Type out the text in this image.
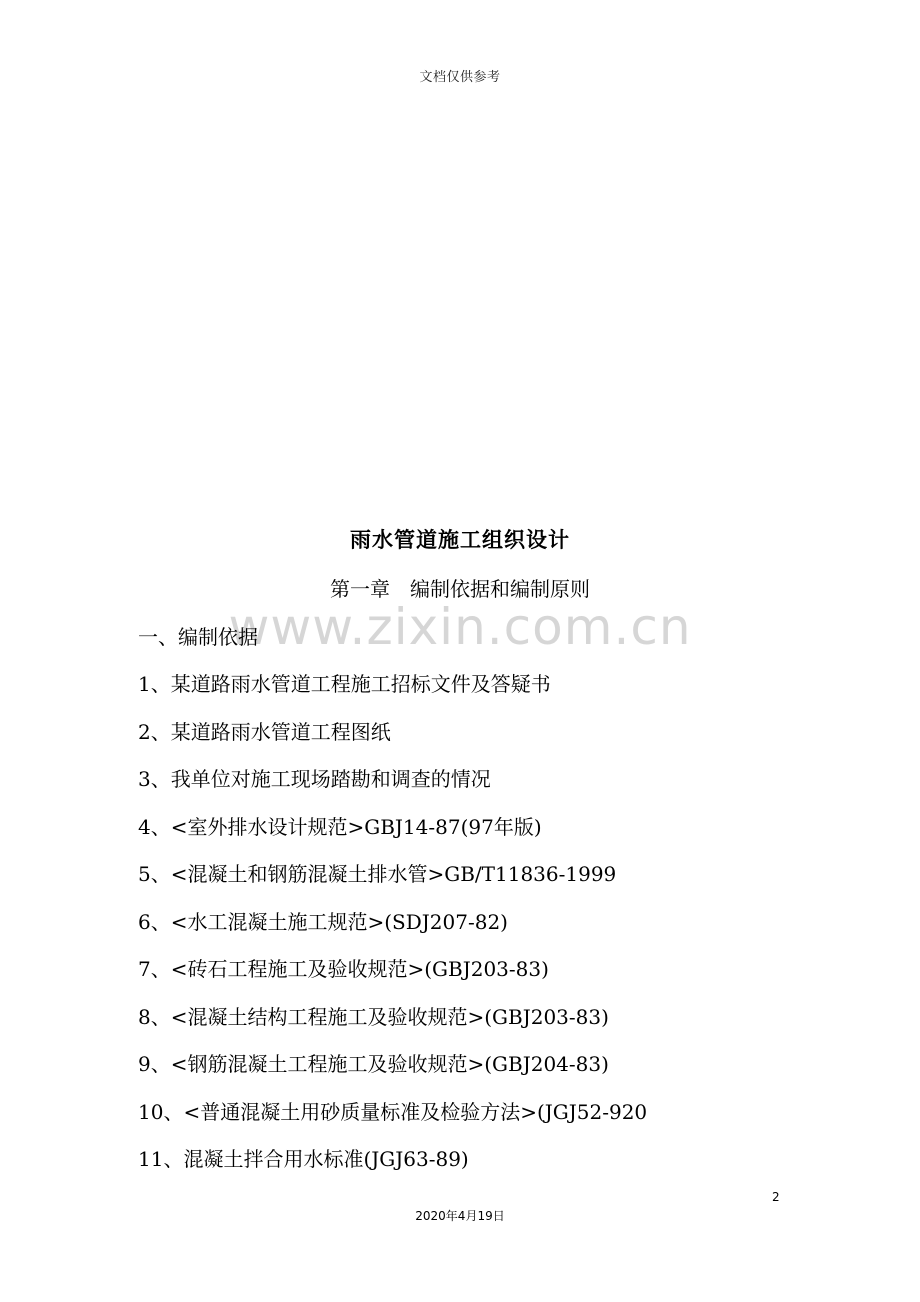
文档仅供参考
雨水管道施工组织设计
第一章　编制依据和编制原则
www.zixin.com.cn
一、编制依据
1、某道路雨水管道工程施工招标文件及答疑书
2、某道路雨水管道工程图纸
3、我单位对施工现场踏勘和调查的情况
4、<室外排水设计规范>GBJ14-87(97年版)
5、<混凝土和钢筋混凝土排水管>GB/T11836-1999
6、<水工混凝土施工规范>(SDJ207-82)
7、<砖石工程施工及验收规范>(GBJ203-83)
8、<混凝土结构工程施工及验收规范>(GBJ203-83)
9、<钢筋混凝土工程施工及验收规范>(GBJ204-83)
10、<普通混凝土用砂质量标准及检验方法>(JGJ52-920
11、混凝土拌合用水标准(JGJ63-89)
2
2020年4月19日
